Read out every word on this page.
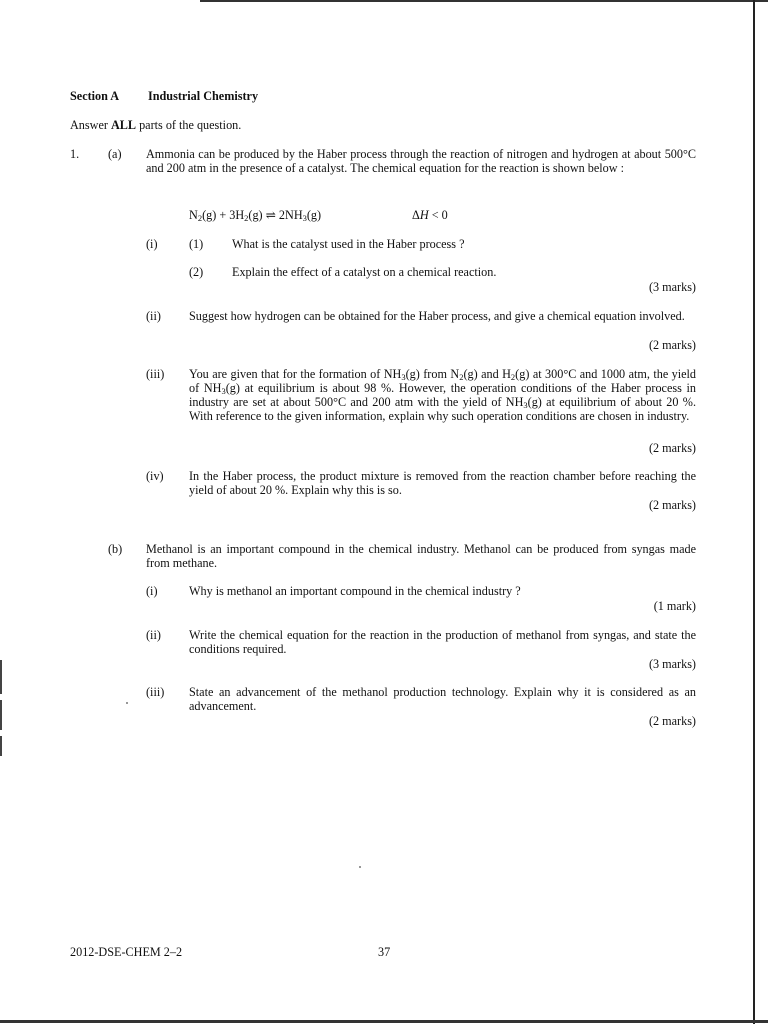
Section A Industrial Chemistry
Answer ALL parts of the question.
1. (a) Ammonia can be produced by the Haber process through the reaction of nitrogen and hydrogen at about 500°C and 200 atm in the presence of a catalyst. The chemical equation for the reaction is shown below :
$N_2(g) + 3H_2(g)$ ⇌ $2NH_3(g)$	ΔH < 0
(i)	(1) What is the catalyst used in the Haber process ?
(2) Explain the effect of a catalyst on a chemical reaction.
(3 marks)
(ii) Suggest how hydrogen can be obtained for the Haber process, and give a chemical equation involved.
(2 marks)
(iii) You are given that for the formation of $NH_3(g)$ from $N_2(g)$ and $H_2(g)$ at 300°C and 1000 atm, the yield of $NH_3(g)$ at equilibrium is about 98 %. However, the operation conditions of the Haber process in industry are set at about 500°C and 200 atm with the yield of $NH_3(g)$ at equilibrium of about 20 %. With reference to the given information, explain why such operation conditions are chosen in industry.
(2 marks)
(iv) In the Haber process, the product mixture is removed from the reaction chamber before reaching the yield of about 20 %. Explain why this is so.
(2 marks)
(b) Methanol is an important compound in the chemical industry. Methanol can be produced from syngas made from methane.
(i)	Why is methanol an important compound in the chemical industry ?
(1 mark)
(ii) Write the chemical equation for the reaction in the production of methanol from syngas, and state the conditions required.
(3 marks)
(iii) State an advancement of the methanol production technology. Explain why it is considered as an advancement.
(2 marks)
2012-DSE-CHEM 2–2	37
